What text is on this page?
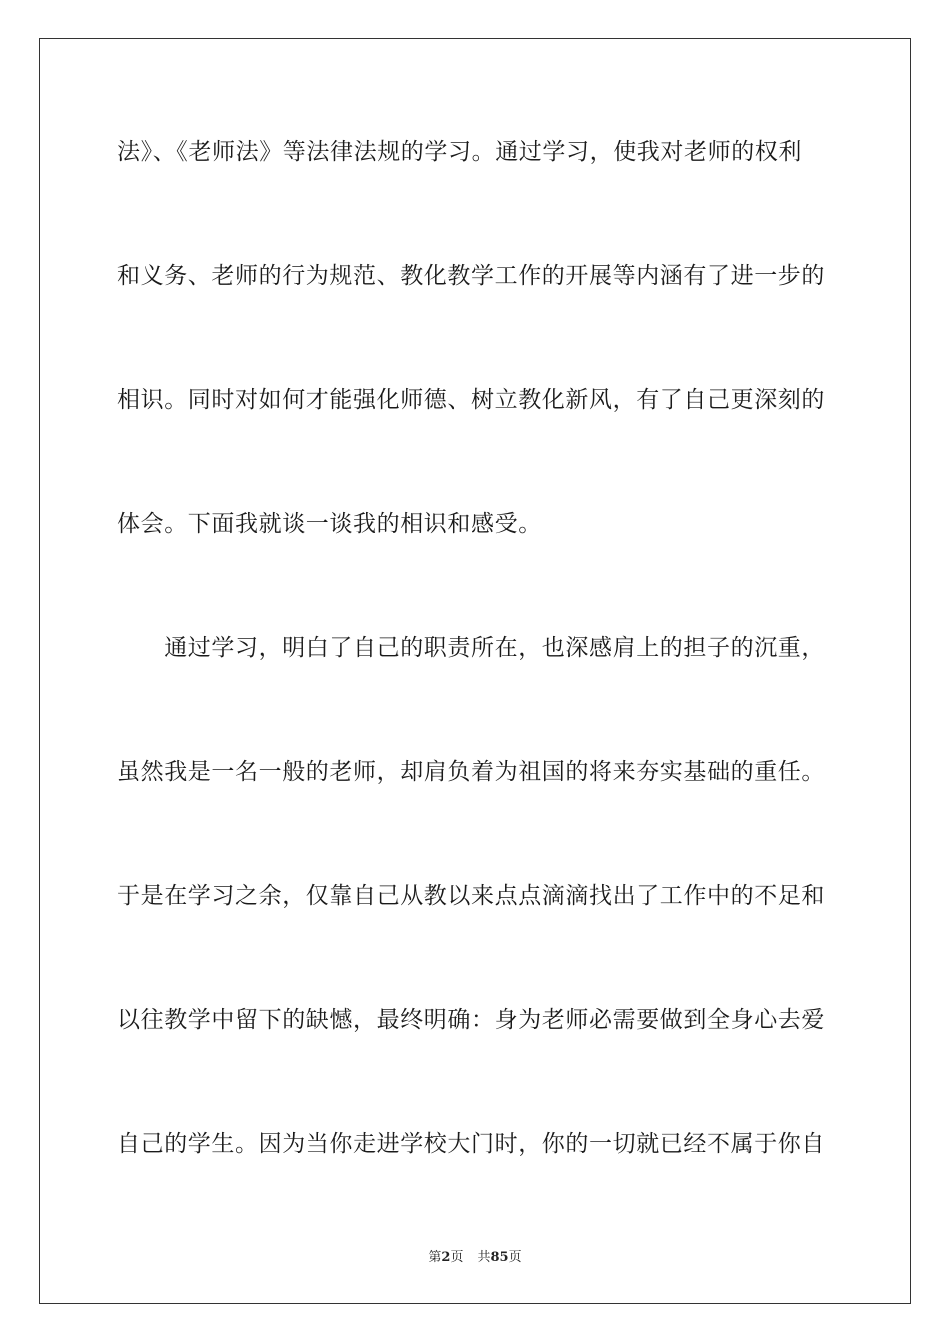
法》、《老师法》等法律法规的学习。通过学习，使我对老师的权利
和义务、老师的行为规范、教化教学工作的开展等内涵有了进一步的
相识。同时对如何才能强化师德、树立教化新风，有了自己更深刻的
体会。下面我就谈一谈我的相识和感受。
　　通过学习，明白了自己的职责所在，也深感肩上的担子的沉重，
虽然我是一名一般的老师，却肩负着为祖国的将来夯实基础的重任。
于是在学习之余，仅靠自己从教以来点点滴滴找出了工作中的不足和
以往教学中留下的缺憾，最终明确：身为老师必需要做到全身心去爱
自己的学生。因为当你走进学校大门时，你的一切就已经不属于你自
第2页 共85页
